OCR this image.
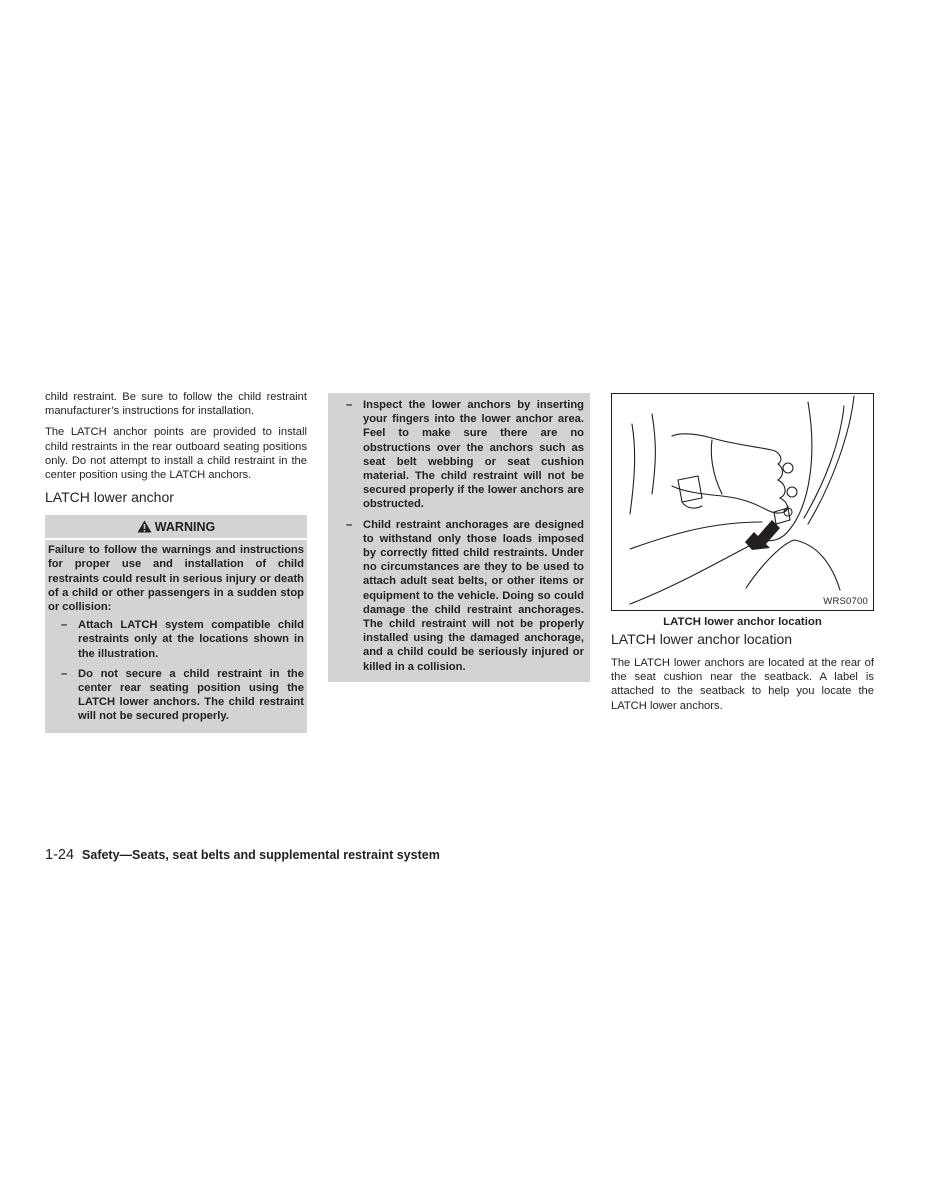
child restraint. Be sure to follow the child restraint manufacturer’s instructions for installation.

The LATCH anchor points are provided to install child restraints in the rear outboard seating positions only. Do not attempt to install a child restraint in the center position using the LATCH anchors.

LATCH lower anchor
WARNING

Failure to follow the warnings and instructions for proper use and installation of child restraints could result in serious injury or death of a child or other passengers in a sudden stop or collision:

– Attach LATCH system compatible child restraints only at the locations shown in the illustration.
– Do not secure a child restraint in the center rear seating position using the LATCH lower anchors. The child restraint will not be secured properly.
– Inspect the lower anchors by inserting your fingers into the lower anchor area. Feel to make sure there are no obstructions over the anchors such as seat belt webbing or seat cushion material. The child restraint will not be secured properly if the lower anchors are obstructed.
– Child restraint anchorages are designed to withstand only those loads imposed by correctly fitted child restraints. Under no circumstances are they to be used to attach adult seat belts, or other items or equipment to the vehicle. Doing so could damage the child restraint anchorages. The child restraint will not be properly installed using the damaged anchorage, and a child could be seriously injured or killed in a collision.
WRS0700

LATCH lower anchor location

LATCH lower anchor location

The LATCH lower anchors are located at the rear of the seat cushion near the seatback. A label is attached to the seatback to help you locate the LATCH lower anchors.

1-24 Safety—Seats, seat belts and supplemental restraint system
